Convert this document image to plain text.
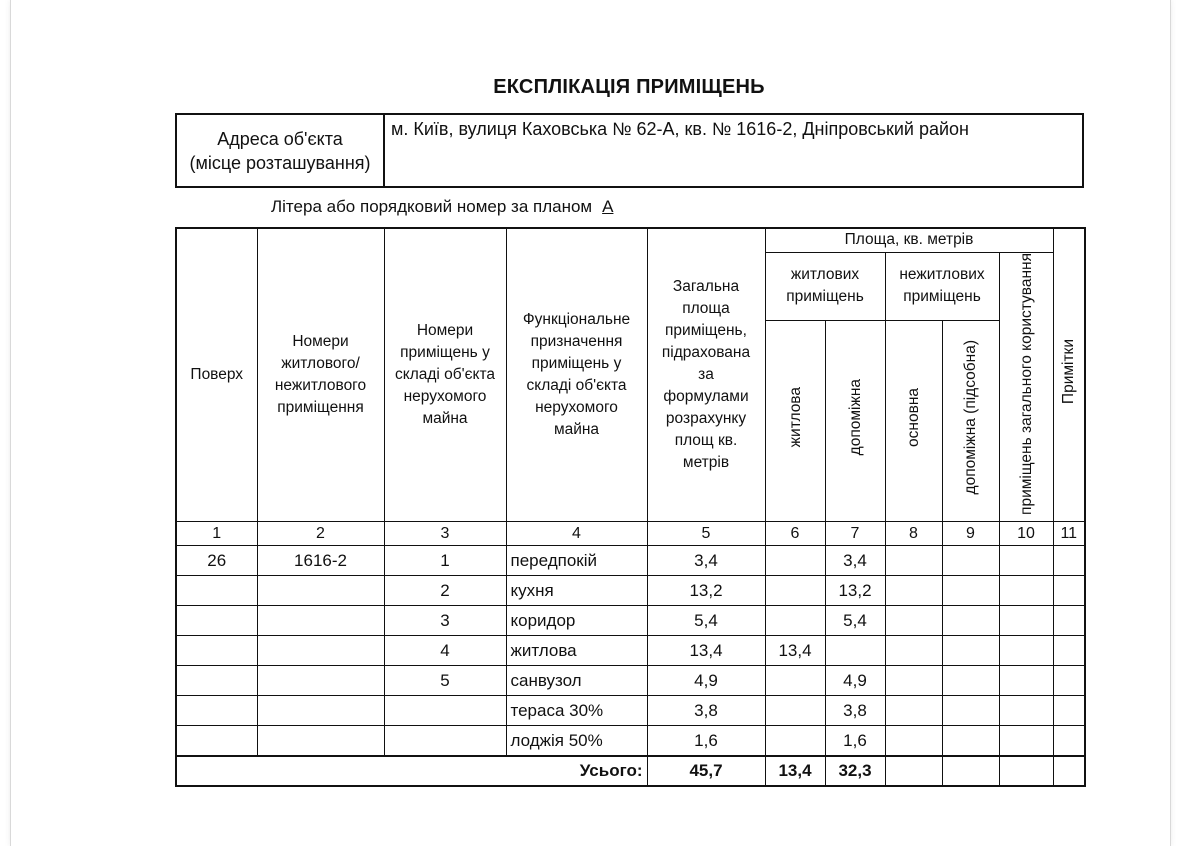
ЕКСПЛІКАЦІЯ ПРИМІЩЕНЬ
Адреса об'єкта
(місце розташування)
	м. Київ, вулиця Каховська № 62-А, кв. № 1616-2, Дніпровський район
Літера або порядковий номер за планом А
Поверх	Номери житлового/ нежитлового приміщення	Номери приміщень у складі об'єкта нерухомого майна	Функціональне призначення приміщень у складі об'єкта нерухомого майна	Загальна площа приміщень, підрахована за формулами розрахунку площ кв. метрів	Площа, кв. метрів					Примітки
					житлових приміщень		нежитлових приміщень		приміщень загального користування	
					житлова	допоміжна	основна	допоміжна (підсобна)		
1	2	3	4	5	6	7	8	9	10	11
26	1616-2	1	передпокій	3,4		3,4				
		2	кухня	13,2		13,2				
		3	коридор	5,4		5,4				
		4	житлова	13,4	13,4					
		5	санвузол	4,9		4,9				
			тераса 30%	3,8		3,8				
			лоджія 50%	1,6		1,6				
Усього:				45,7	13,4	32,3				
